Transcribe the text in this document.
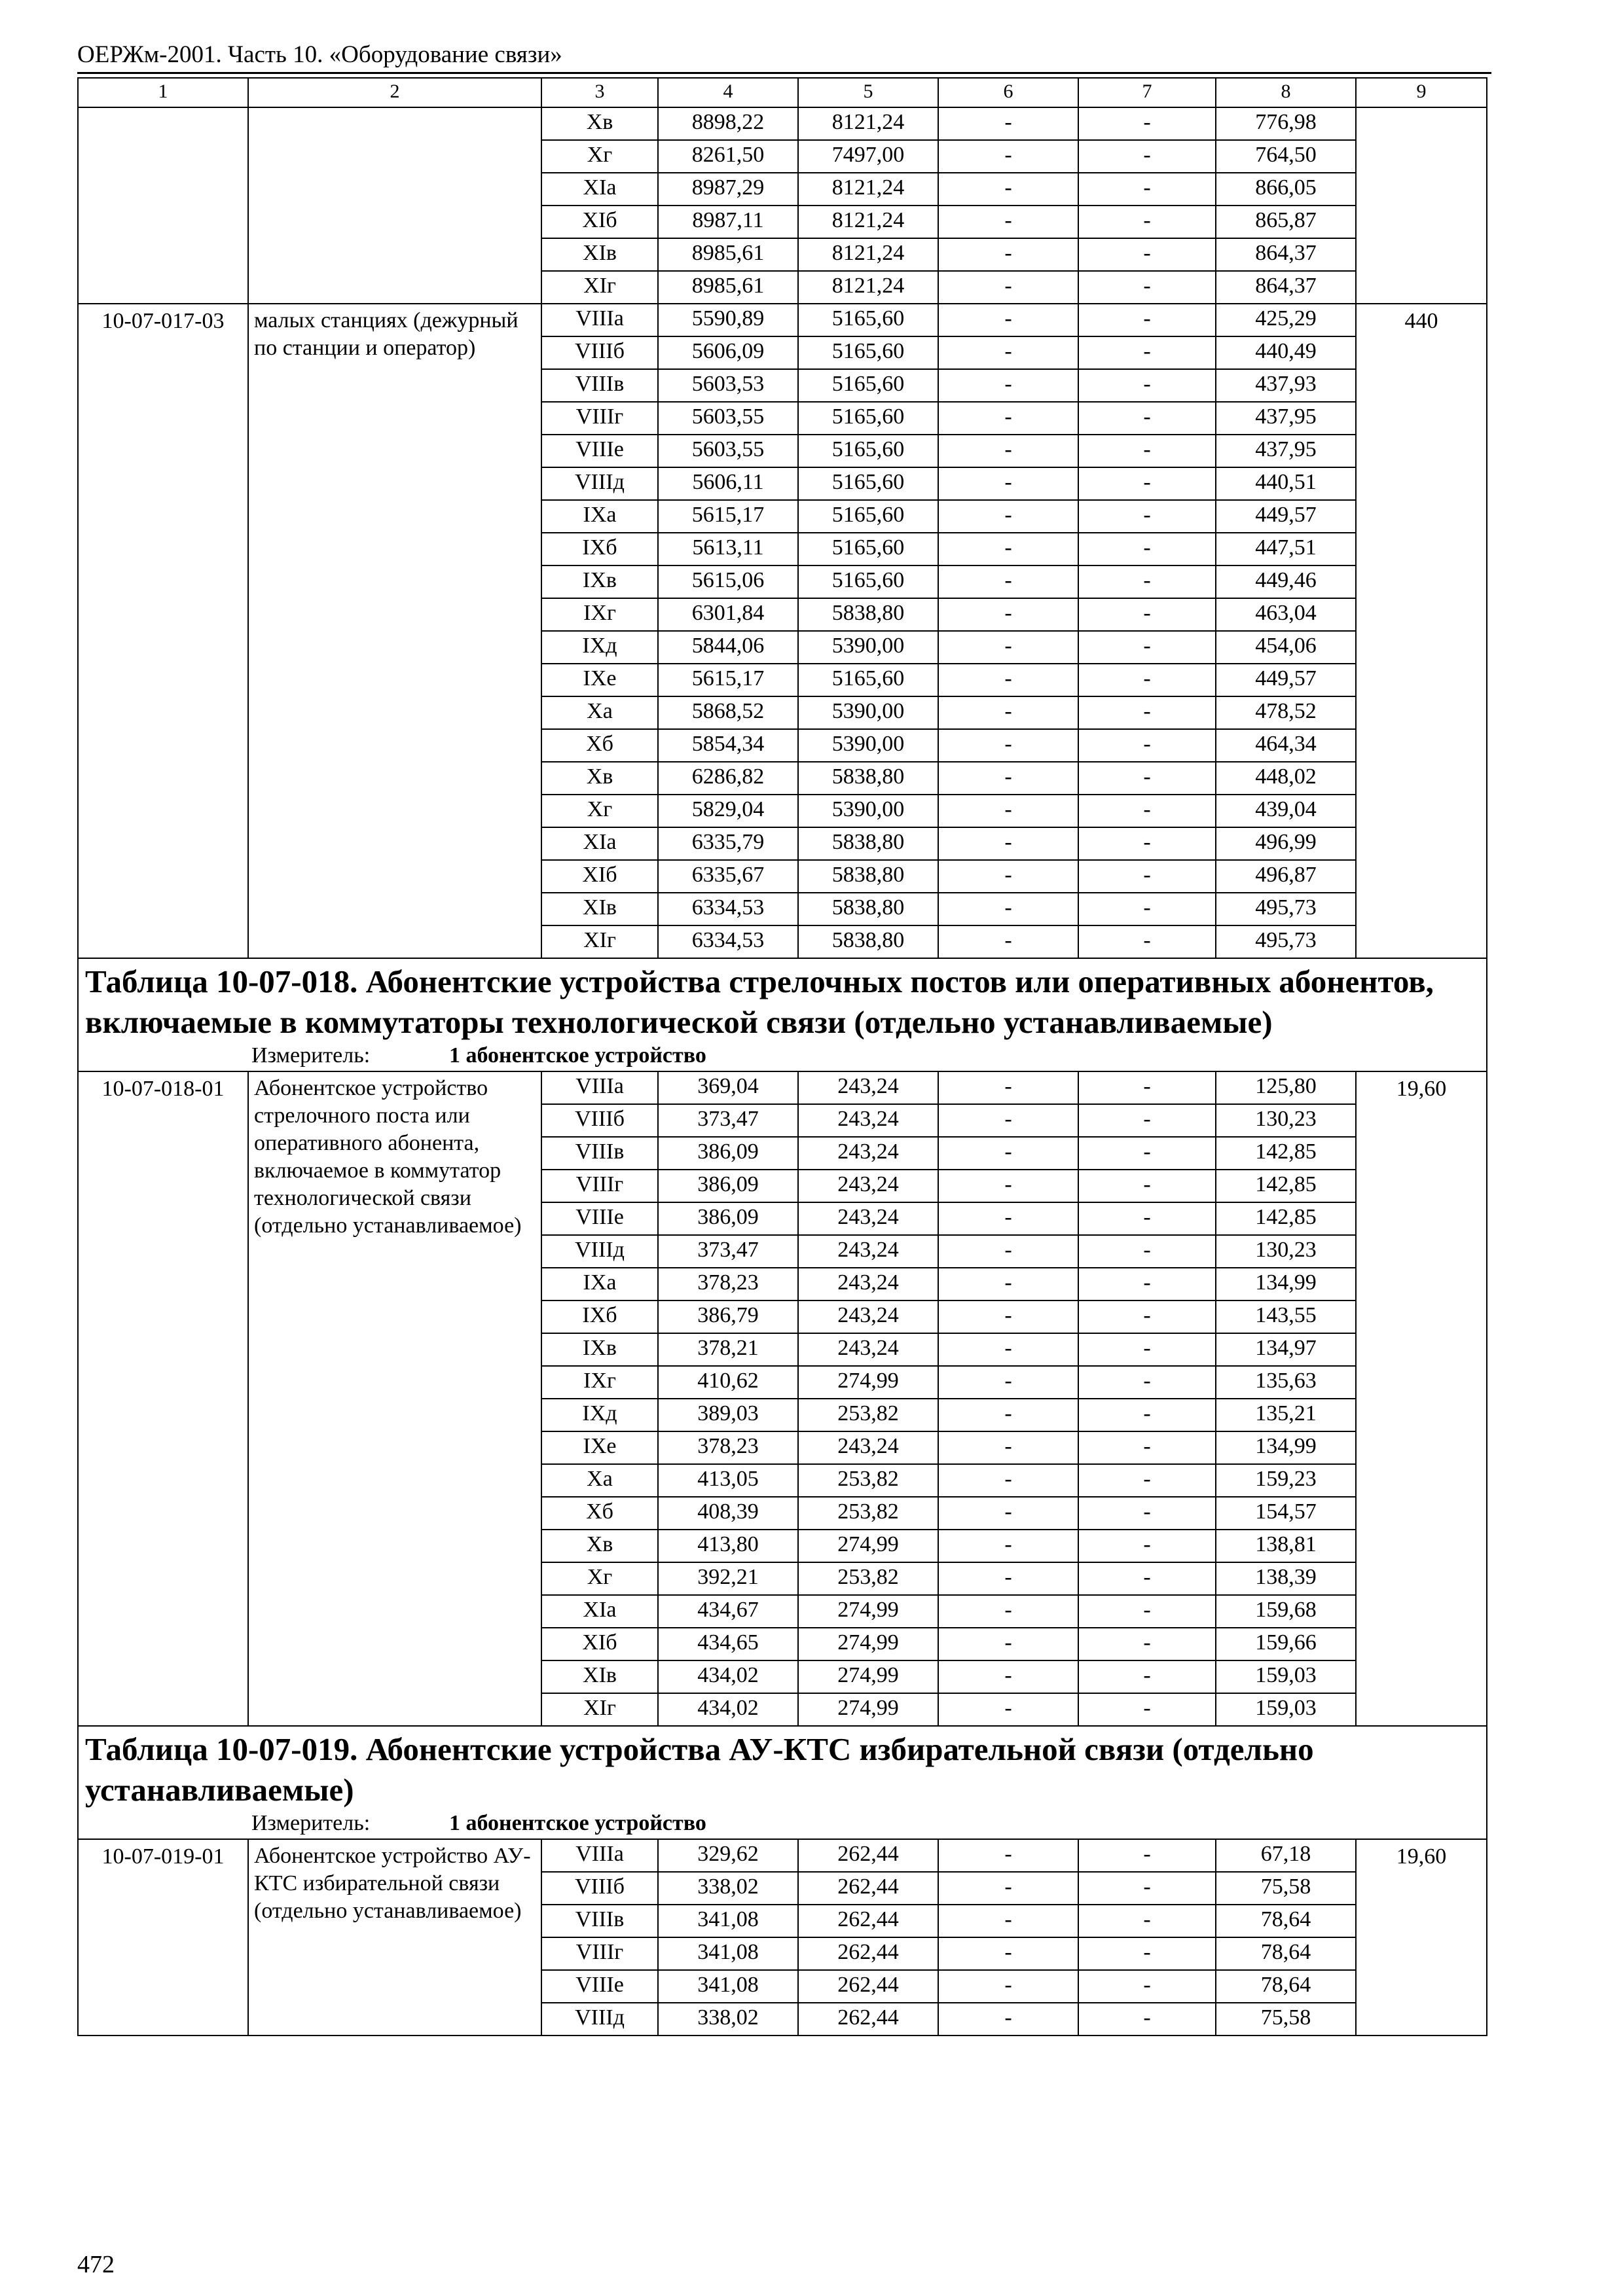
ОЕРЖм-2001. Часть 10. «Оборудование связи»
1	2	3	4	5	6	7	8	9
		Xв	8898,22	8121,24	-	-	776,98	
		Xг	8261,50	7497,00	-	-	764,50	
		XIa	8987,29	8121,24	-	-	866,05	
		XIб	8987,11	8121,24	-	-	865,87	
		XIв	8985,61	8121,24	-	-	864,37	
		XIг	8985,61	8121,24	-	-	864,37	
10-07-017-03	малых станциях (дежурный по станции и оператор)	VIIIa	5590,89	5165,60	-	-	425,29	440
		VIIIб	5606,09	5165,60	-	-	440,49	
		VIIIв	5603,53	5165,60	-	-	437,93	
		VIIIг	5603,55	5165,60	-	-	437,95	
		VIIIe	5603,55	5165,60	-	-	437,95	
		VIIIд	5606,11	5165,60	-	-	440,51	
		IXa	5615,17	5165,60	-	-	449,57	
		IXб	5613,11	5165,60	-	-	447,51	
		IXв	5615,06	5165,60	-	-	449,46	
		IXг	6301,84	5838,80	-	-	463,04	
		IXд	5844,06	5390,00	-	-	454,06	
		IXe	5615,17	5165,60	-	-	449,57	
		Xa	5868,52	5390,00	-	-	478,52	
		Xб	5854,34	5390,00	-	-	464,34	
		Xв	6286,82	5838,80	-	-	448,02	
		Xг	5829,04	5390,00	-	-	439,04	
		XIa	6335,79	5838,80	-	-	496,99	
		XIб	6335,67	5838,80	-	-	496,87	
		XIв	6334,53	5838,80	-	-	495,73	
		XIг	6334,53	5838,80	-	-	495,73	
Таблица 10-07-018. Абонентские устройства стрелочных постов или оперативных абонентов, включаемые в коммутаторы технологической связи (отдельно устанавливаемые)								
Измеритель: 1 абонентское устройство								
10-07-018-01	Абонентское устройство стрелочного поста или оперативного абонента, включаемое в коммутатор технологической связи (отдельно устанавливаемое)	VIIIa	369,04	243,24	-	-	125,80	19,60
		VIIIб	373,47	243,24	-	-	130,23	
		VIIIв	386,09	243,24	-	-	142,85	
		VIIIг	386,09	243,24	-	-	142,85	
		VIIIe	386,09	243,24	-	-	142,85	
		VIIIд	373,47	243,24	-	-	130,23	
		IXa	378,23	243,24	-	-	134,99	
		IXб	386,79	243,24	-	-	143,55	
		IXв	378,21	243,24	-	-	134,97	
		IXг	410,62	274,99	-	-	135,63	
		IXд	389,03	253,82	-	-	135,21	
		IXe	378,23	243,24	-	-	134,99	
		Xa	413,05	253,82	-	-	159,23	
		Xб	408,39	253,82	-	-	154,57	
		Xв	413,80	274,99	-	-	138,81	
		Xг	392,21	253,82	-	-	138,39	
		XIa	434,67	274,99	-	-	159,68	
		XIб	434,65	274,99	-	-	159,66	
		XIв	434,02	274,99	-	-	159,03	
		XIг	434,02	274,99	-	-	159,03	
Таблица 10-07-019. Абонентские устройства АУ-КТС избирательной связи (отдельно устанавливаемые)								
Измеритель: 1 абонентское устройство								
10-07-019-01	Абонентское устройство АУ-КТС избирательной связи (отдельно устанавливаемое)	VIIIa	329,62	262,44	-	-	67,18	19,60
		VIIIб	338,02	262,44	-	-	75,58	
		VIIIв	341,08	262,44	-	-	78,64	
		VIIIг	341,08	262,44	-	-	78,64	
		VIIIe	341,08	262,44	-	-	78,64	
		VIIIд	338,02	262,44	-	-	75,58	
472
